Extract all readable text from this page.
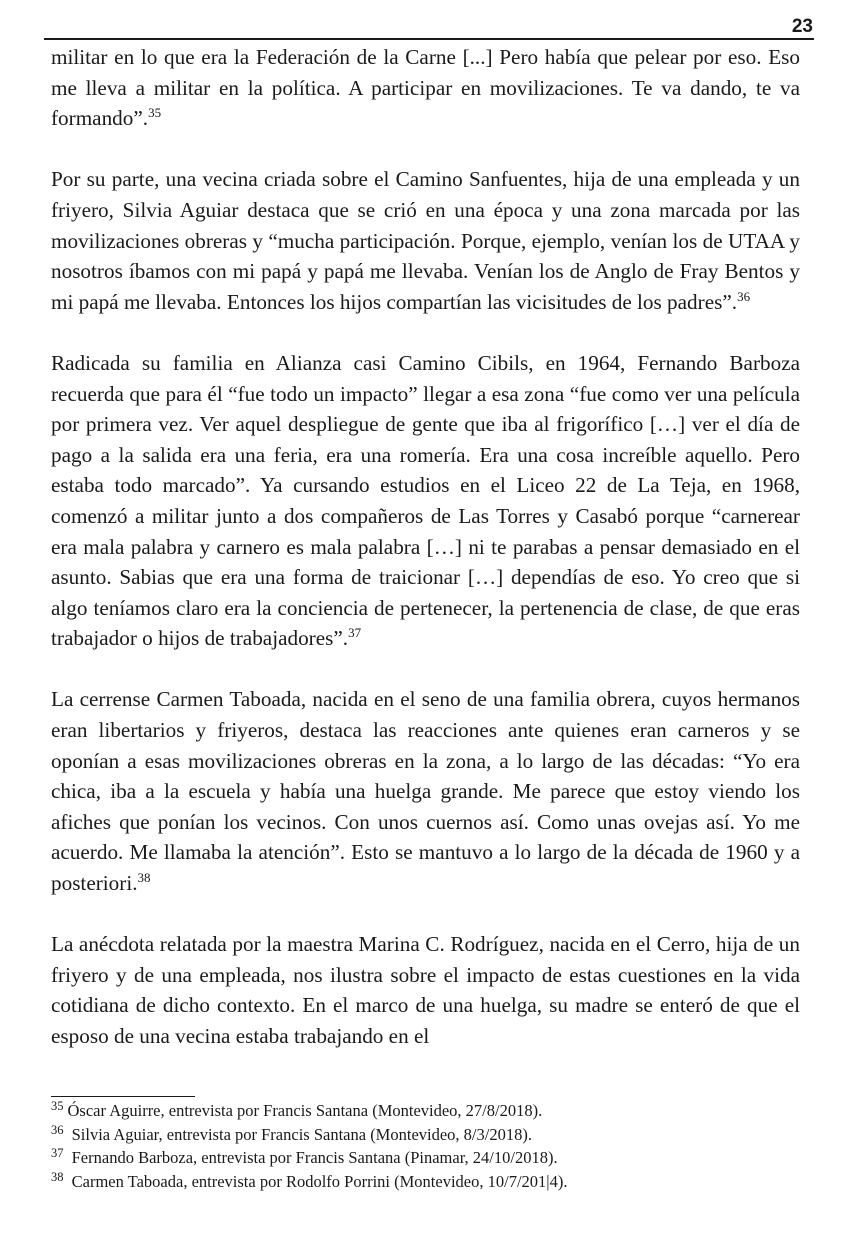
23

militar en lo que era la Federación de la Carne [...] Pero había que pelear por eso. Eso me lleva a militar en la política. A participar en movilizaciones. Te va dando, te va formando”.$^{35}$

Por su parte, una vecina criada sobre el Camino Sanfuentes, hija de una empleada y un friyero, Silvia Aguiar destaca que se crió en una época y una zona marcada por las movilizaciones obreras y “mucha participación. Porque, ejemplo, venían los de UTAA y nosotros íbamos con mi papá y papá me llevaba. Venían los de Anglo de Fray Bentos y mi papá me llevaba. Entonces los hijos compartían las vicisitudes de los padres”.$^{36}$

Radicada su familia en Alianza casi Camino Cibils, en 1964, Fernando Barboza recuerda que para él “fue todo un impacto” llegar a esa zona “fue como ver una película por primera vez. Ver aquel despliegue de gente que iba al frigorífico […] ver el día de pago a la salida era una feria, era una romería. Era una cosa increíble aquello. Pero estaba todo marcado”. Ya cursando estudios en el Liceo 22 de La Teja, en 1968, comenzó a militar junto a dos compañeros de Las Torres y Casabó porque “carnerear era mala palabra y carnero es mala palabra […] ni te parabas a pensar demasiado en el asunto. Sabias que era una forma de traicionar […] dependías de eso. Yo creo que si algo teníamos claro era la conciencia de pertenecer, la pertenencia de clase, de que eras trabajador o hijos de trabajadores”.$^{37}$

La cerrense Carmen Taboada, nacida en el seno de una familia obrera, cuyos hermanos eran libertarios y friyeros, destaca las reacciones ante quienes eran carneros y se oponían a esas movilizaciones obreras en la zona, a lo largo de las décadas: “Yo era chica, iba a la escuela y había una huelga grande. Me parece que estoy viendo los afiches que ponían los vecinos. Con unos cuernos así. Como unas ovejas así. Yo me acuerdo. Me llamaba la atención”. Esto se mantuvo a lo largo de la década de 1960 y a posteriori.$^{38}$

La anécdota relatada por la maestra Marina C. Rodríguez, nacida en el Cerro, hija de un friyero y de una empleada, nos ilustra sobre el impacto de estas cuestiones en la vida cotidiana de dicho contexto. En el marco de una huelga, su madre se enteró de que el esposo de una vecina estaba trabajando en el

$^{35}$ Óscar Aguirre, entrevista por Francis Santana (Montevideo, 27/8/2018).
$^{36}$ Silvia Aguiar, entrevista por Francis Santana (Montevideo, 8/3/2018).
$^{37}$ Fernando Barboza, entrevista por Francis Santana (Pinamar, 24/10/2018).
$^{38}$ Carmen Taboada, entrevista por Rodolfo Porrini (Montevideo, 10/7/201|4).
